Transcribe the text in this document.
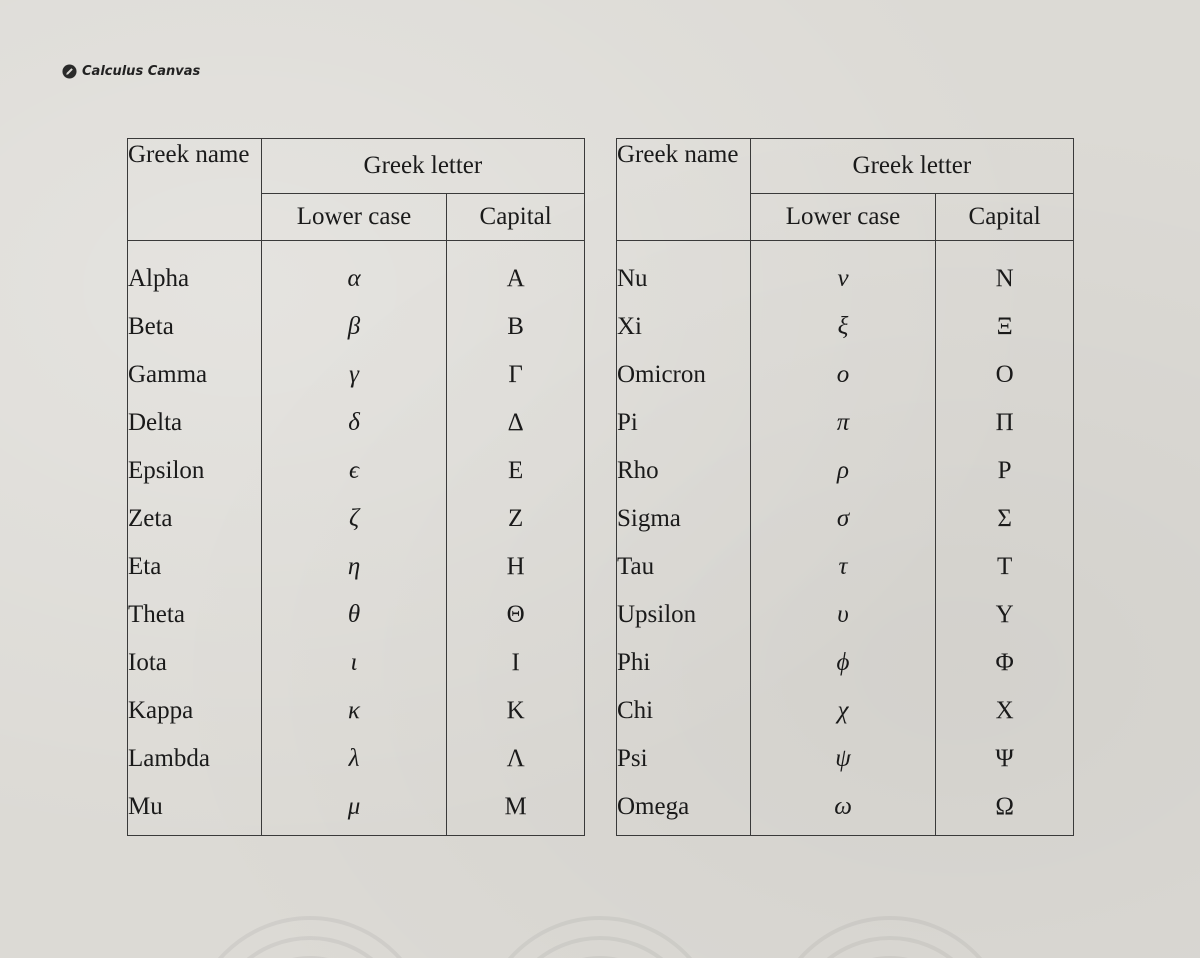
Calculus Canvas
Greek name	Greek letter	
	Lower case	Capital
Alpha	α	Α
Beta	β	Β
Gamma	γ	Γ
Delta	δ	Δ
Epsilon	ϵ	Ε
Zeta	ζ	Ζ
Eta	η	Η
Theta	θ	Θ
Iota	ι	Ι
Kappa	κ	Κ
Lambda	λ	Λ
Mu	μ	Μ
Greek name	Greek letter	
	Lower case	Capital
Nu	ν	Ν
Xi	ξ	Ξ
Omicron	ο	Ο
Pi	π	Π
Rho	ρ	Ρ
Sigma	σ	Σ
Tau	τ	Τ
Upsilon	υ	Υ
Phi	ϕ	Φ
Chi	χ	Χ
Psi	ψ	Ψ
Omega	ω	Ω
